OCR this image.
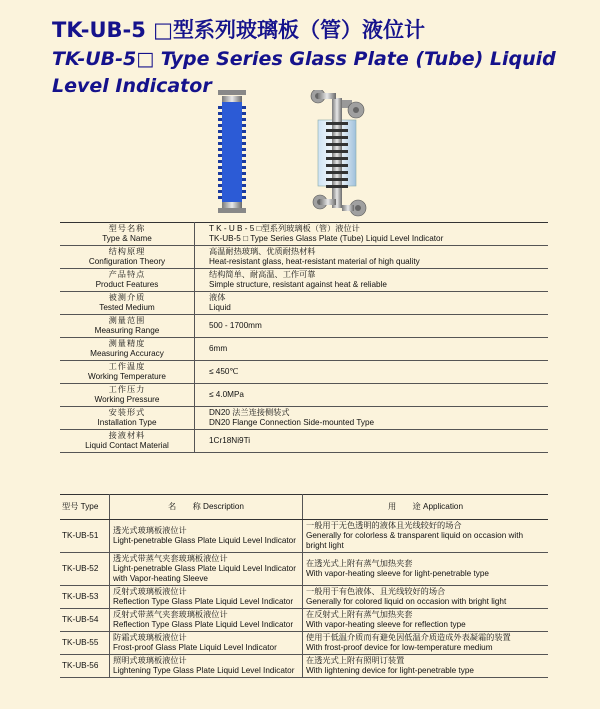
TK-UB-5 □型系列玻璃板（管）液位计
TK-UB-5□ Type Series Glass Plate (Tube) Liquid Level Indicator
型号名称
Type & Name	T K - U B - 5 □型系列玻璃板（管）液位计
TK-UB-5 □ Type Series Glass Plate (Tube) Liquid Level Indicator

结构原理
Configuration Theory	高温耐热玻璃、优质耐热材料
Heat-resistant glass, heat-resistant material of high quality

产品特点
Product Features	结构简单、耐高温、工作可靠
Simple structure, resistant against heat & reliable

被测介质
Tested Medium	液体
Liquid

测量范围
Measuring Range	500 - 1700mm

测量精度
Measuring Accuracy	6mm

工作温度
Working Temperature	≤ 450℃

工作压力
Working Pressure	≤ 4.0MPa

安装形式
Installation Type	DN20 法兰连接侧装式
DN20 Flange Connection Side-mounted Type

接液材料
Liquid Contact Material	1Cr18Ni9Ti
型号 Type	名　　称 Description	用　　途 Application
TK-UB-51	透光式玻璃板液位计
Light-penetrable Glass Plate Liquid Level Indicator	一般用于无色透明的液体且光线较好的场合
Generally for colorless & transparent liquid on occasion with bright light

TK-UB-52	透光式带蒸气夹套玻璃板液位计
Light-penetrable Glass Plate Liquid Level Indicator with Vapor-heating Sleeve	在透光式上附有蒸气加热夹套
With vapor-heating sleeve for light-penetrable type

TK-UB-53	反射式玻璃板液位计
Reflection Type Glass Plate Liquid Level Indicator	一般用于有色液体、且光线较好的场合
Generally for colored liquid on occasion with bright light

TK-UB-54	反射式带蒸气夹套玻璃板液位计
Reflection Type Glass Plate Liquid Level Indicator	在反射式上附有蒸气加热夹套
With vapor-heating sleeve for reflection type

TK-UB-55	防霜式玻璃板液位计
Frost-proof Glass Plate Liquid Level Indicator	使用于低温介质而有避免因低温介质造成外表凝霜的装置
With frost-proof device for low-temperature medium

TK-UB-56	照明式玻璃板液位计
Lightening Type Glass Plate Liquid Level Indicator	在透光式上附有照明订装置
With lightening device for light-penetrable type
